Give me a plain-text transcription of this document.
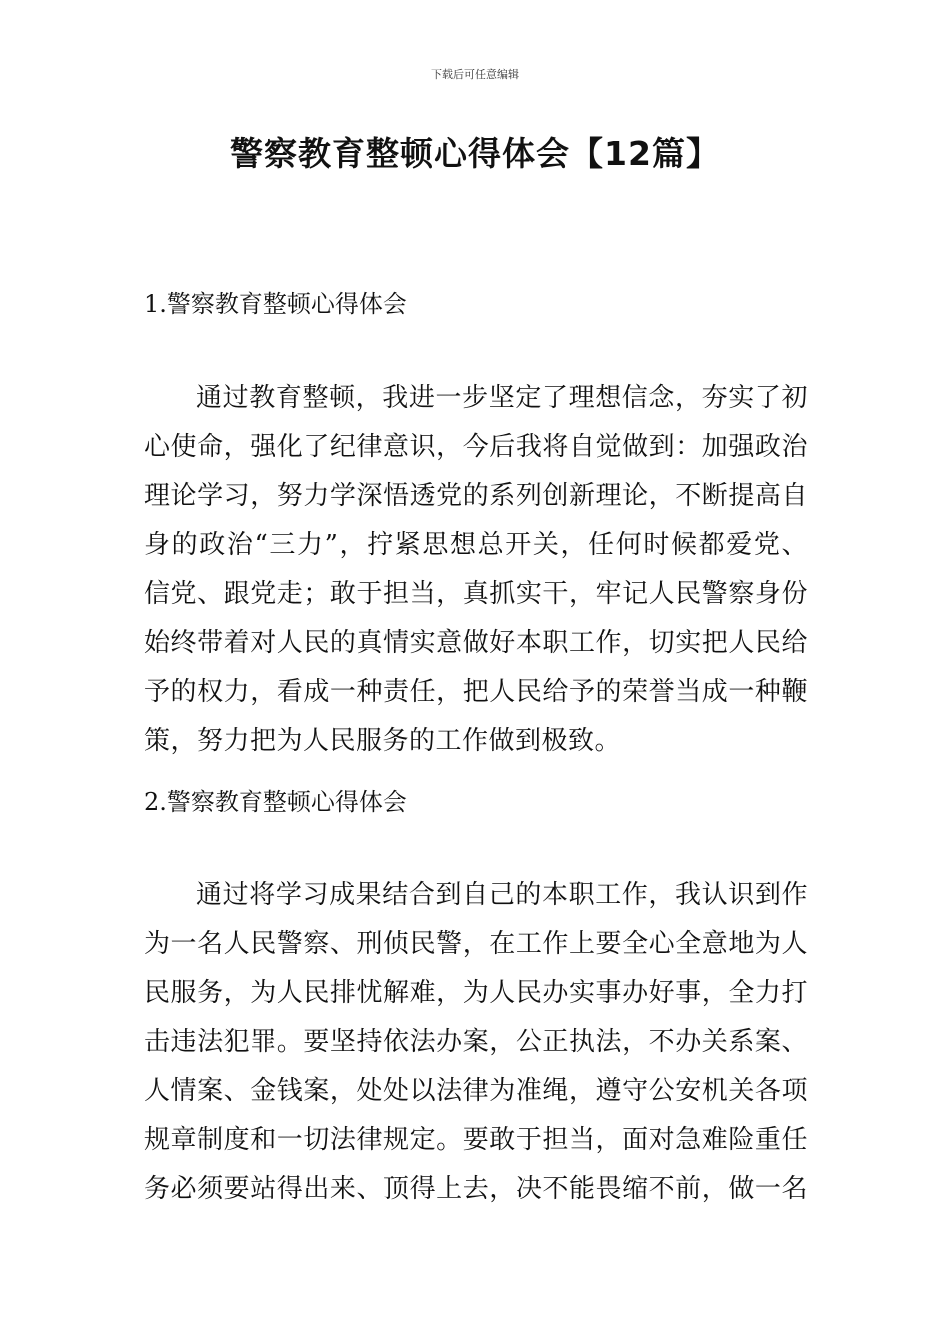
下载后可任意编辑
警察教育整顿心得体会【12篇】
1.警察教育整顿心得体会
通过教育整顿，我进一步坚定了理想信念，夯实了初
心使命，强化了纪律意识，今后我将自觉做到：加强政治
理论学习，努力学深悟透党的系列创新理论，不断提高自
身的政治“三力”，拧紧思想总开关，任何时候都爱党、
信党、跟党走；敢于担当，真抓实干，牢记人民警察身份
始终带着对人民的真情实意做好本职工作，切实把人民给
予的权力，看成一种责任，把人民给予的荣誉当成一种鞭
策，努力把为人民服务的工作做到极致。
2.警察教育整顿心得体会
通过将学习成果结合到自己的本职工作，我认识到作
为一名人民警察、刑侦民警，在工作上要全心全意地为人
民服务，为人民排忧解难，为人民办实事办好事，全力打
击违法犯罪。要坚持依法办案，公正执法，不办关系案、
人情案、金钱案，处处以法律为准绳，遵守公安机关各项
规章制度和一切法律规定。要敢于担当，面对急难险重任
务必须要站得出来、顶得上去，决不能畏缩不前，做一名
